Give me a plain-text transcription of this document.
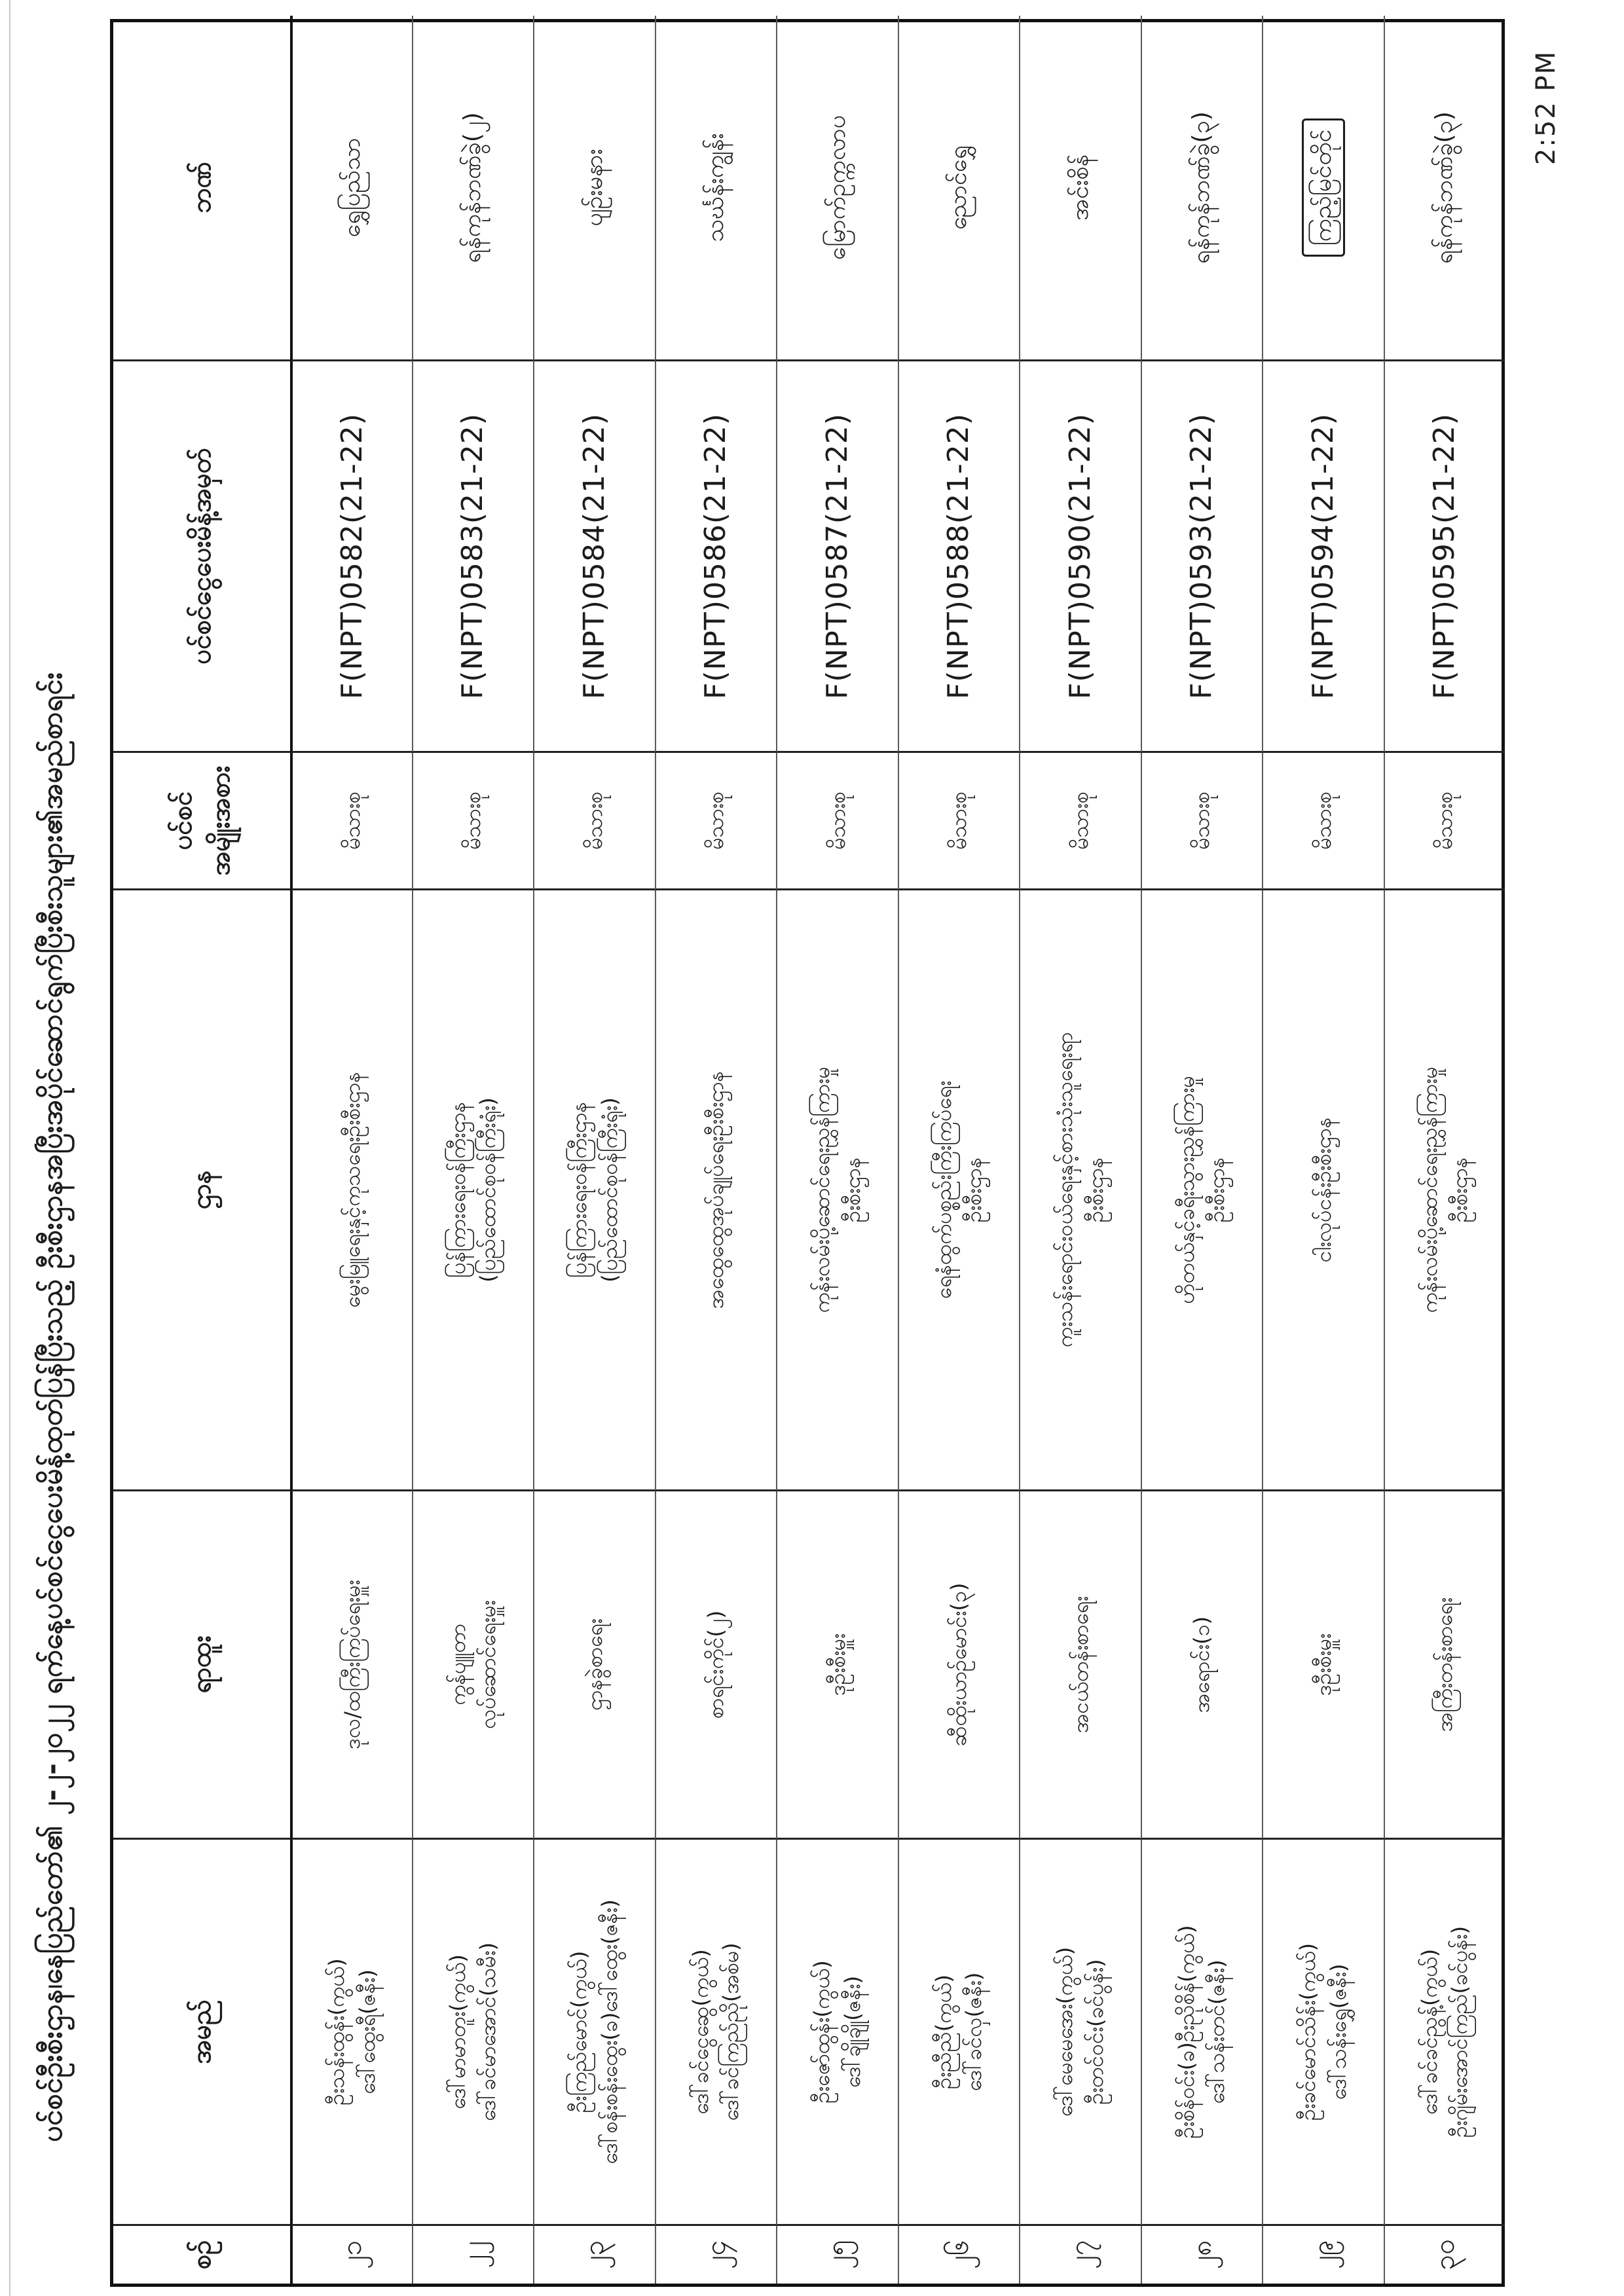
ပင်စင်ဦးစီးဌာန၊နေပြည်တော်၏ ၂-၂-၂၀၂၂ ရက်နေ့ပင်စင်ငွေပေးမိန့်ထုတ်ပြန်ပြီးသည့် ဦးစီးဌာနအပြီးအပိုင်ဆောင်ရွက်ပြီးစီးသူများ၏အမည်စာရင်း
စဉ်
အမည်
ရာထူး
ဌာန
ပင်စင် အမျိုးအစား
ပင်စင်ငွေပေးမိန့်အမှတ်
ဘဏ်
၂၁
ဦးသန်းထွန်း(ကွယ်) ဒေါ်ထွေးရီ(ဇနီး)
ဒုလ/ထကြီးကြပ်ရေးမှူး
မွေးမြူရေးနှင့်ကုသရေးဦးစီးဌာန
မိသားစု
F(NPT)0582(21-22)
ရွှေပြည်သာ
၂၂
ဒေါ်မာမာတူး(ကွယ်) ဒေါ်ခင်မာအောင်(သမီး)
ကွန်ပျူတာ လုပ်ဆောင်ရေးမှူး
ပြန်ကြားရေးဝန်ကြီးဌာန (ပြည်ထောင်စုဝန်ကြီးရုံး)
မိသားစု
F(NPT)0583(21-22)
ရန်ကုန်ဘဏ်ခွဲ(၂)
၂၃
ဦးကြည်မောင်(ကွယ်) ဒေါ်စန်းစန်းထွေး(ခ)ဒေါ်ထွေး(ဇနီး)
ဌာနခွဲစာရေး
ပြန်ကြားရေးဝန်ကြီးဌာန (ပြည်ထောင်စုဝန်ကြီးရုံး)
မိသားစု
F(NPT)0584(21-22)
ပျဉ်းမနား
၂၄
ဒေါ်ခင်ငွေဆွေ(ကွယ်) ဒေါ်ခင်ကြည်ညို(အစ်မ)
စာရင်းကိုင်(၂)
အထွေထွေအုပ်ချုပ်ရေးဦးစီးဌာန
မိသားစု
F(NPT)0586(21-22)
သင်္ဃန်းကျွန်း
၂၅
ဦးဇော်ထွန်း(ကွယ်) ဒေါ်ချိုချို(ဇနီး)
ဒုဦးစီးမှူး
ကုန်းလမ်းပို့ဆောင်ရေးညွှန်ကြားမှု ဦးစီးဌာန
မိသားစု
F(NPT)0587(21-22)
မြောက်ဥက္ကလာပ
၂၆
ဦးညီညီ(ကွယ်) ဒေါ်ခင်လှ(ဇနီး)
ဆီထိုးယာဉ်မောင်း(၃)
ရေနံထွက်ပစ္စည်းကြီးကြပ်ရေး ဦးစီးဌာန
မိသားစု
F(NPT)0588(21-22)
ညောင်ရွှေ
၂၇
ဒေါ်မေမေအေး(ကွယ်) ဦးတင်ဝင်း(ခင်ပွန်း)
အငယ်တန်းစာရေး
ကူးသန်းရောင်းဝယ်ရေးနှင့်စားသုံးသူရေးရာ ဦးစီးဌာန
မိသားစု
F(NPT)0590(21-22)
အင်းစိန်
၂၈
ဦးစိန်ဝင်း(ခ)ဦးညိုစိန်(ကွယ်) ဒေါ်သန်းတင်(ဇနီး)
အရောင်း(၁)
ဟိုတယ်နှင့်ခရီးသွားညွှန်ကြားမှု ဦးစီးဌာန
မိသားစု
F(NPT)0593(21-22)
ရန်ကုန်ဘဏ်ခွဲ(၃)
၂၉
ဦးခင်မောင်သိန်း(ကွယ်) ဒေါ်သန်းရွှေ(ဇနီး)
ဒုဦးစီးမှူး
ငါးလုပ်ငန်းဦးစီးဌာန
မိသားစု
F(NPT)0594(21-22)
ကြည့်မြင်တိုင်
၃၀
ဒေါ်ခင်ခင်ညွန့်(ကွယ်) ဦးဂျိမ်းအောင်ကြည်(ခင်ပွန်း)
အကြီးတန်းစာရေး
ကုန်းလမ်းပို့ဆောင်ရေးညွှန်ကြားမှု ဦးစီးဌာန
မိသားစု
F(NPT)0595(21-22)
ရန်ကုန်ဘဏ်ခွဲ(၃)
2:52 PM
